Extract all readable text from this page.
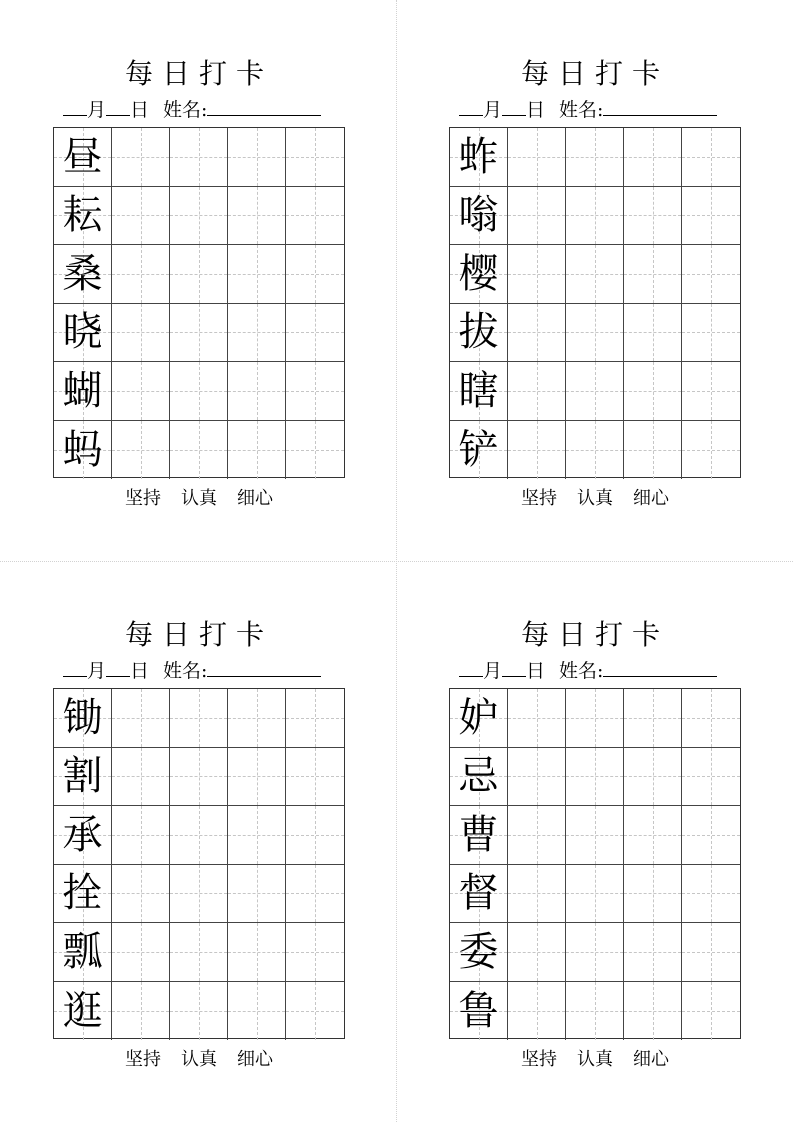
每日打卡
月 日 姓名:
昼
耘
桑
晓
蝴
蚂
坚持 认真 细心
每日打卡
月 日 姓名:
蚱
嗡
樱
拔
瞎
铲
坚持 认真 细心
每日打卡
月 日 姓名:
锄
割
承
拴
瓢
逛
坚持 认真 细心
每日打卡
月 日 姓名:
妒
忌
曹
督
委
鲁
坚持 认真 细心
